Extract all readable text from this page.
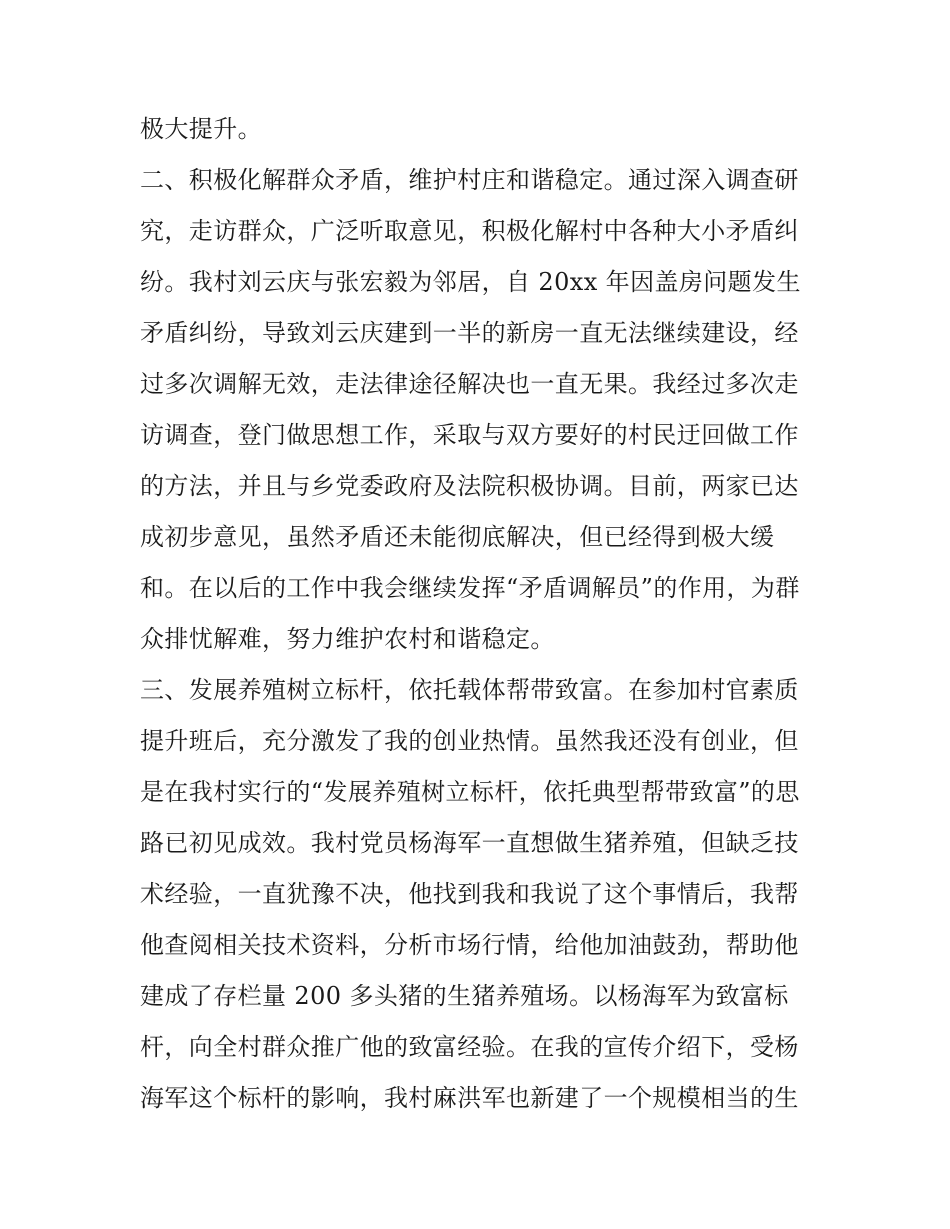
极大提升。
二、积极化解群众矛盾，维护村庄和谐稳定。通过深入调查研
究，走访群众，广泛听取意见，积极化解村中各种大小矛盾纠
纷。我村刘云庆与张宏毅为邻居，自 20xx 年因盖房问题发生
矛盾纠纷，导致刘云庆建到一半的新房一直无法继续建设，经
过多次调解无效，走法律途径解决也一直无果。我经过多次走
访调查，登门做思想工作，采取与双方要好的村民迂回做工作
的方法，并且与乡党委政府及法院积极协调。目前，两家已达
成初步意见，虽然矛盾还未能彻底解决，但已经得到极大缓
和。在以后的工作中我会继续发挥“矛盾调解员”的作用，为群
众排忧解难，努力维护农村和谐稳定。
三、发展养殖树立标杆，依托载体帮带致富。在参加村官素质
提升班后，充分激发了我的创业热情。虽然我还没有创业，但
是在我村实行的“发展养殖树立标杆，依托典型帮带致富”的思
路已初见成效。我村党员杨海军一直想做生猪养殖，但缺乏技
术经验，一直犹豫不决，他找到我和我说了这个事情后，我帮
他查阅相关技术资料，分析市场行情，给他加油鼓劲，帮助他
建成了存栏量 200 多头猪的生猪养殖场。以杨海军为致富标
杆，向全村群众推广他的致富经验。在我的宣传介绍下，受杨
海军这个标杆的影响，我村麻洪军也新建了一个规模相当的生
